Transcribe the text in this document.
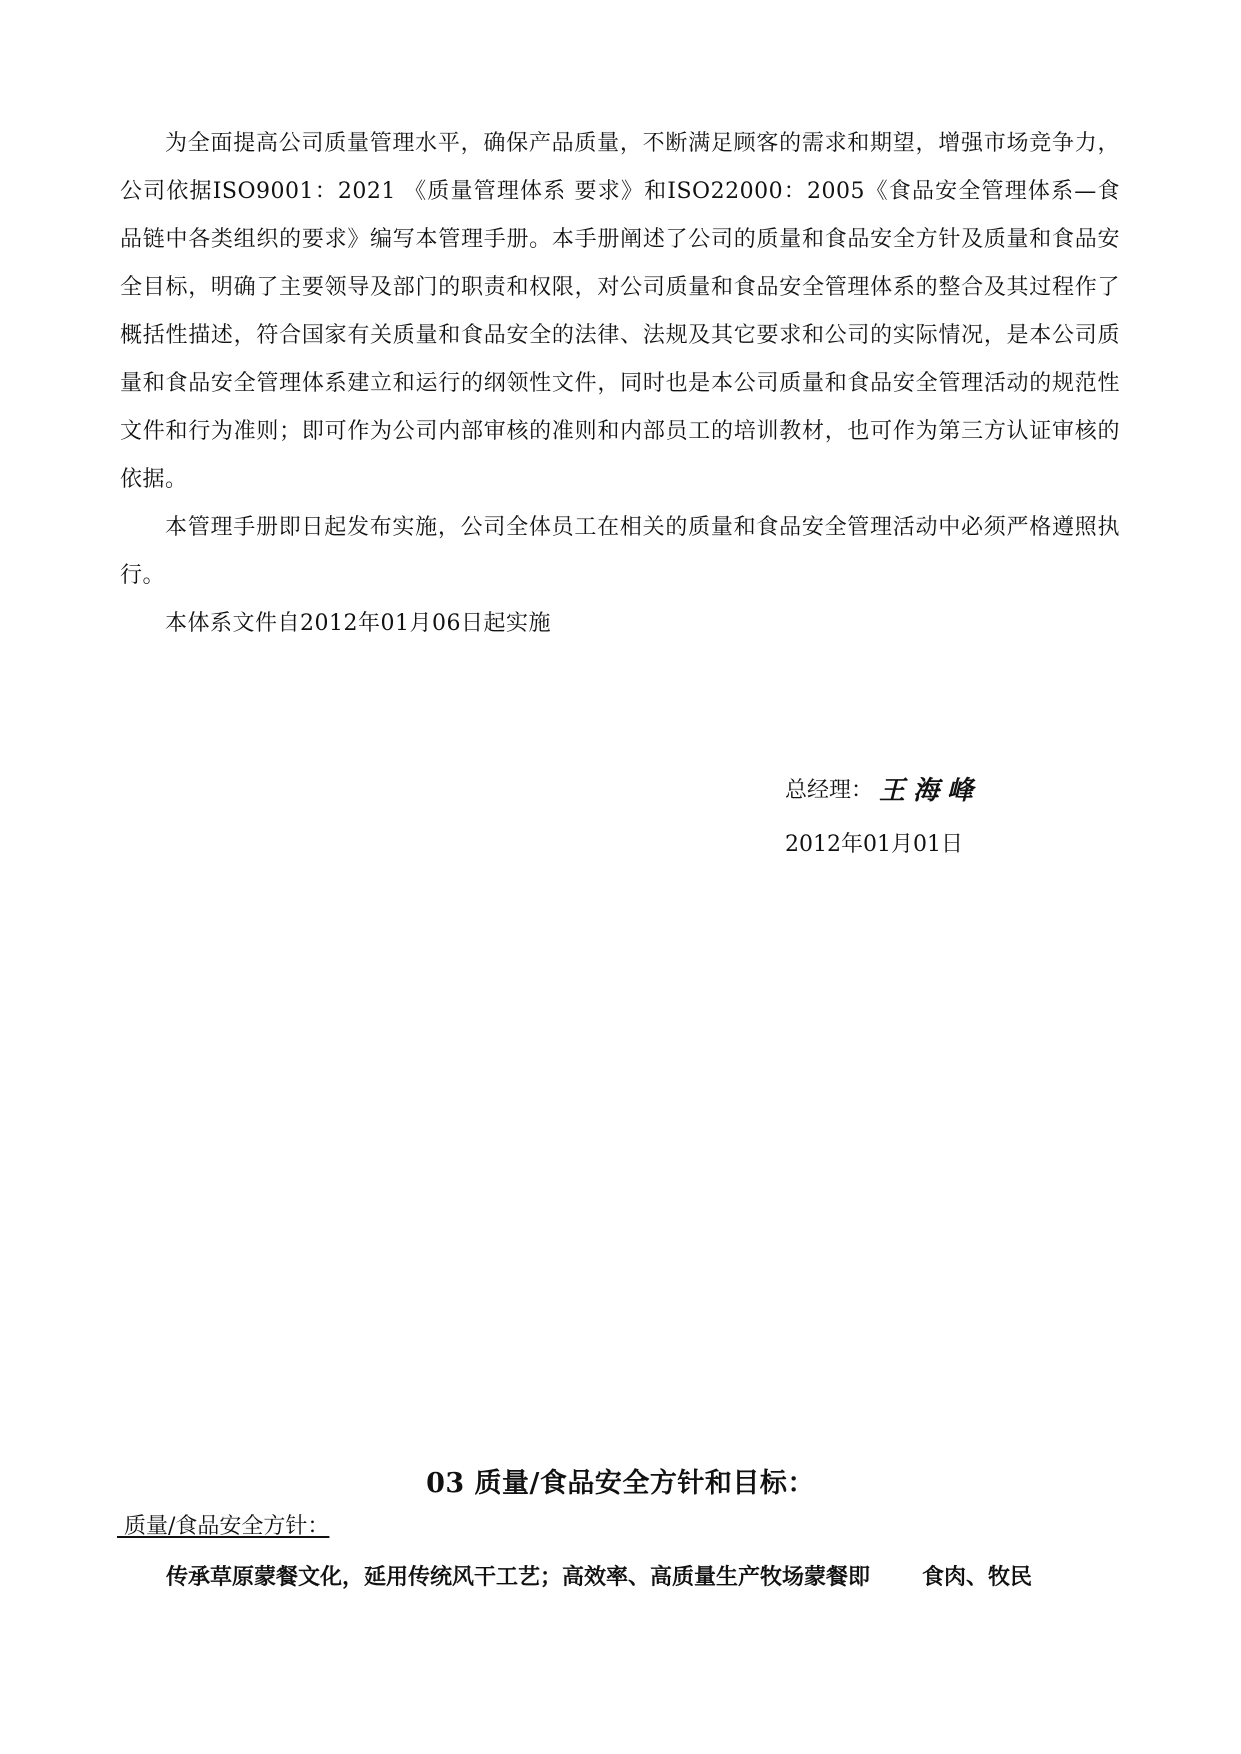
为全面提高公司质量管理水平，确保产品质量，不断满足顾客的需求和期望，增强市场竞争力，公司依据ISO9001：2021 《质量管理体系 要求》和ISO22000：2005《食品安全管理体系—食品链中各类组织的要求》编写本管理手册。本手册阐述了公司的质量和食品安全方针及质量和食品安全目标，明确了主要领导及部门的职责和权限，对公司质量和食品安全管理体系的整合及其过程作了概括性描述，符合国家有关质量和食品安全的法律、法规及其它要求和公司的实际情况，是本公司质量和食品安全管理体系建立和运行的纲领性文件，同时也是本公司质量和食品安全管理活动的规范性文件和行为准则；即可作为公司内部审核的准则和内部员工的培训教材，也可作为第三方认证审核的依据。

本管理手册即日起发布实施，公司全体员工在相关的质量和食品安全管理活动中必须严格遵照执行。

本体系文件自2012年01月06日起实施

总经理： 王海峰
2012年01月01日
03 质量/食品安全方针和目标：
质量/食品安全方针：
传承草原蒙餐文化，延用传统风干工艺；高效率、高质量生产牧场蒙餐即 食肉、牧民
